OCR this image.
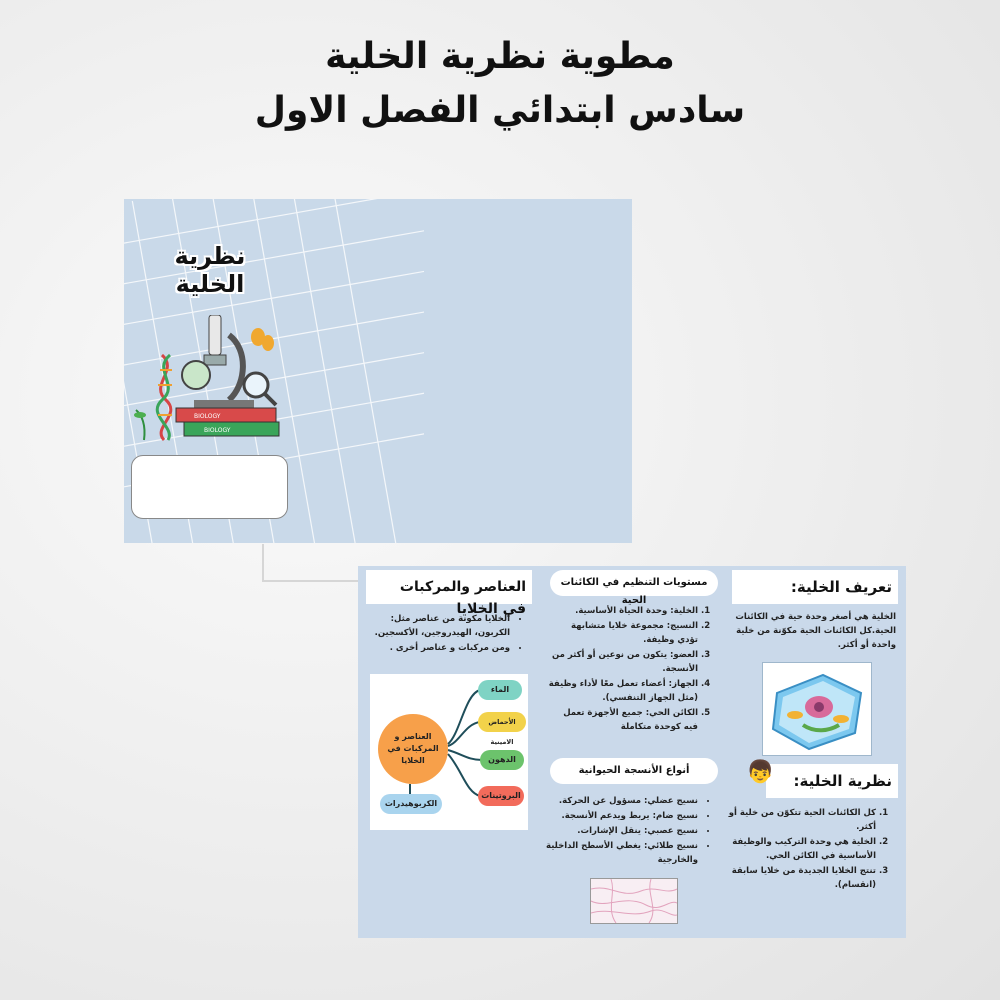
مطوية نظرية الخلية
سادس ابتدائي الفصل الاول
نظرية الخلية
BIOLOGY
BIOLOGY
تعريف الخلية:
الخلية هي أصغر وحدة حية في الكائنات الحية.كل الكائنات الحية مكوّنة من خلية واحدة أو أكثر.
نظرية الخلية:
👦
1. كل الكائنات الحية تتكوّن من خلية أو أكثر.
2. الخلية هي وحدة التركيب والوظيفة الأساسية في الكائن الحي.
3. تنتج الخلايا الجديدة من خلايا سابقة (انقسام).
مستويات التنظيم في الكائنات الحية
1. الخلية: وحدة الحياة الأساسية.
2. النسيج: مجموعة خلايا متشابهة تؤدي وظيفة.
3. العضو: يتكون من نوعين أو أكثر من الأنسجة.
4. الجهاز: أعضاء تعمل معًا لأداء وظيفة (مثل الجهاز التنفسي).
5. الكائن الحي: جميع الأجهزة تعمل فيه كوحدة متكاملة
أنواع الأنسجة الحيوانية
• نسيج عضلي: مسؤول عن الحركة.
• نسيج ضام: يربط ويدعم الأنسجة.
• نسيج عصبي: ينقل الإشارات.
• نسيج طلائي: يغطي الأسطح الداخلية والخارجية
العناصر والمركبات في الخلايا
• الخلايا مكونة من عناصر مثل: الكربون، الهيدروجين، الأكسجين.
• ومن مركبات و عناصر أخرى .
العناصر و المركبات في الخلايا
الماء
الأحماض الامينية
الدهون
البروتينات
الكربوهيدرات
